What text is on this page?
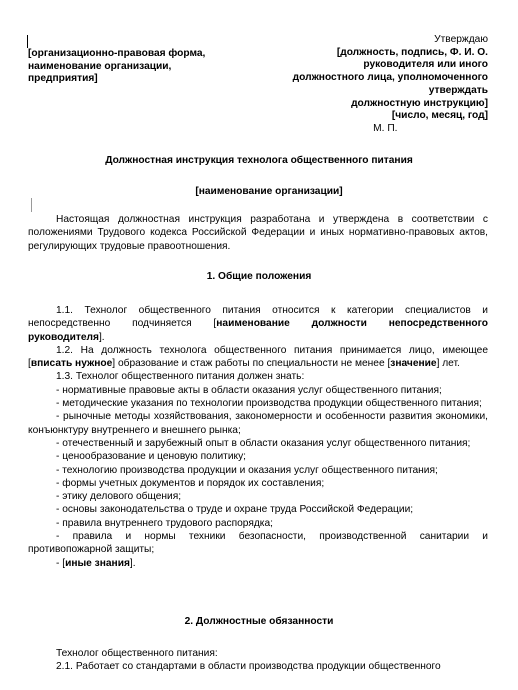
[организационно-правовая форма,
наименование организации,
предприятия]
Утверждаю
[должность, подпись, Ф. И. О.
руководителя или иного
должностного лица, уполномоченного
утверждать
должностную инструкцию]
[число, месяц, год]
М. П.
Должностная инструкция технолога общественного питания
[наименование организации]

Настоящая должностная инструкция разработана и утверждена в соответствии с положениями Трудового кодекса Российской Федерации и иных нормативно-правовых актов, регулирующих трудовые правоотношения.

1. Общие положения

1.1. Технолог общественного питания относится к категории специалистов и непосредственно подчиняется [наименование должности непосредственного руководителя].

1.2. На должность технолога общественного питания принимается лицо, имеющее [вписать нужное] образование и стаж работы по специальности не менее [значение] лет.

1.3. Технолог общественного питания должен знать:

- нормативные правовые акты в области оказания услуг общественного питания;

- методические указания по технологии производства продукции общественного питания;

- рыночные методы хозяйствования, закономерности и особенности развития экономики, конъюнктуру внутреннего и внешнего рынка;

- отечественный и зарубежный опыт в области оказания услуг общественного питания;

- ценообразование и ценовую политику;

- технологию производства продукции и оказания услуг общественного питания;

- формы учетных документов и порядок их составления;

- этику делового общения;

- основы законодательства о труде и охране труда Российской Федерации;

- правила внутреннего трудового распорядка;

- правила и нормы техники безопасности, производственной санитарии и противопожарной защиты;

- [иные знания].

2. Должностные обязанности

Технолог общественного питания:

2.1. Работает со стандартами в области производства продукции общественного
